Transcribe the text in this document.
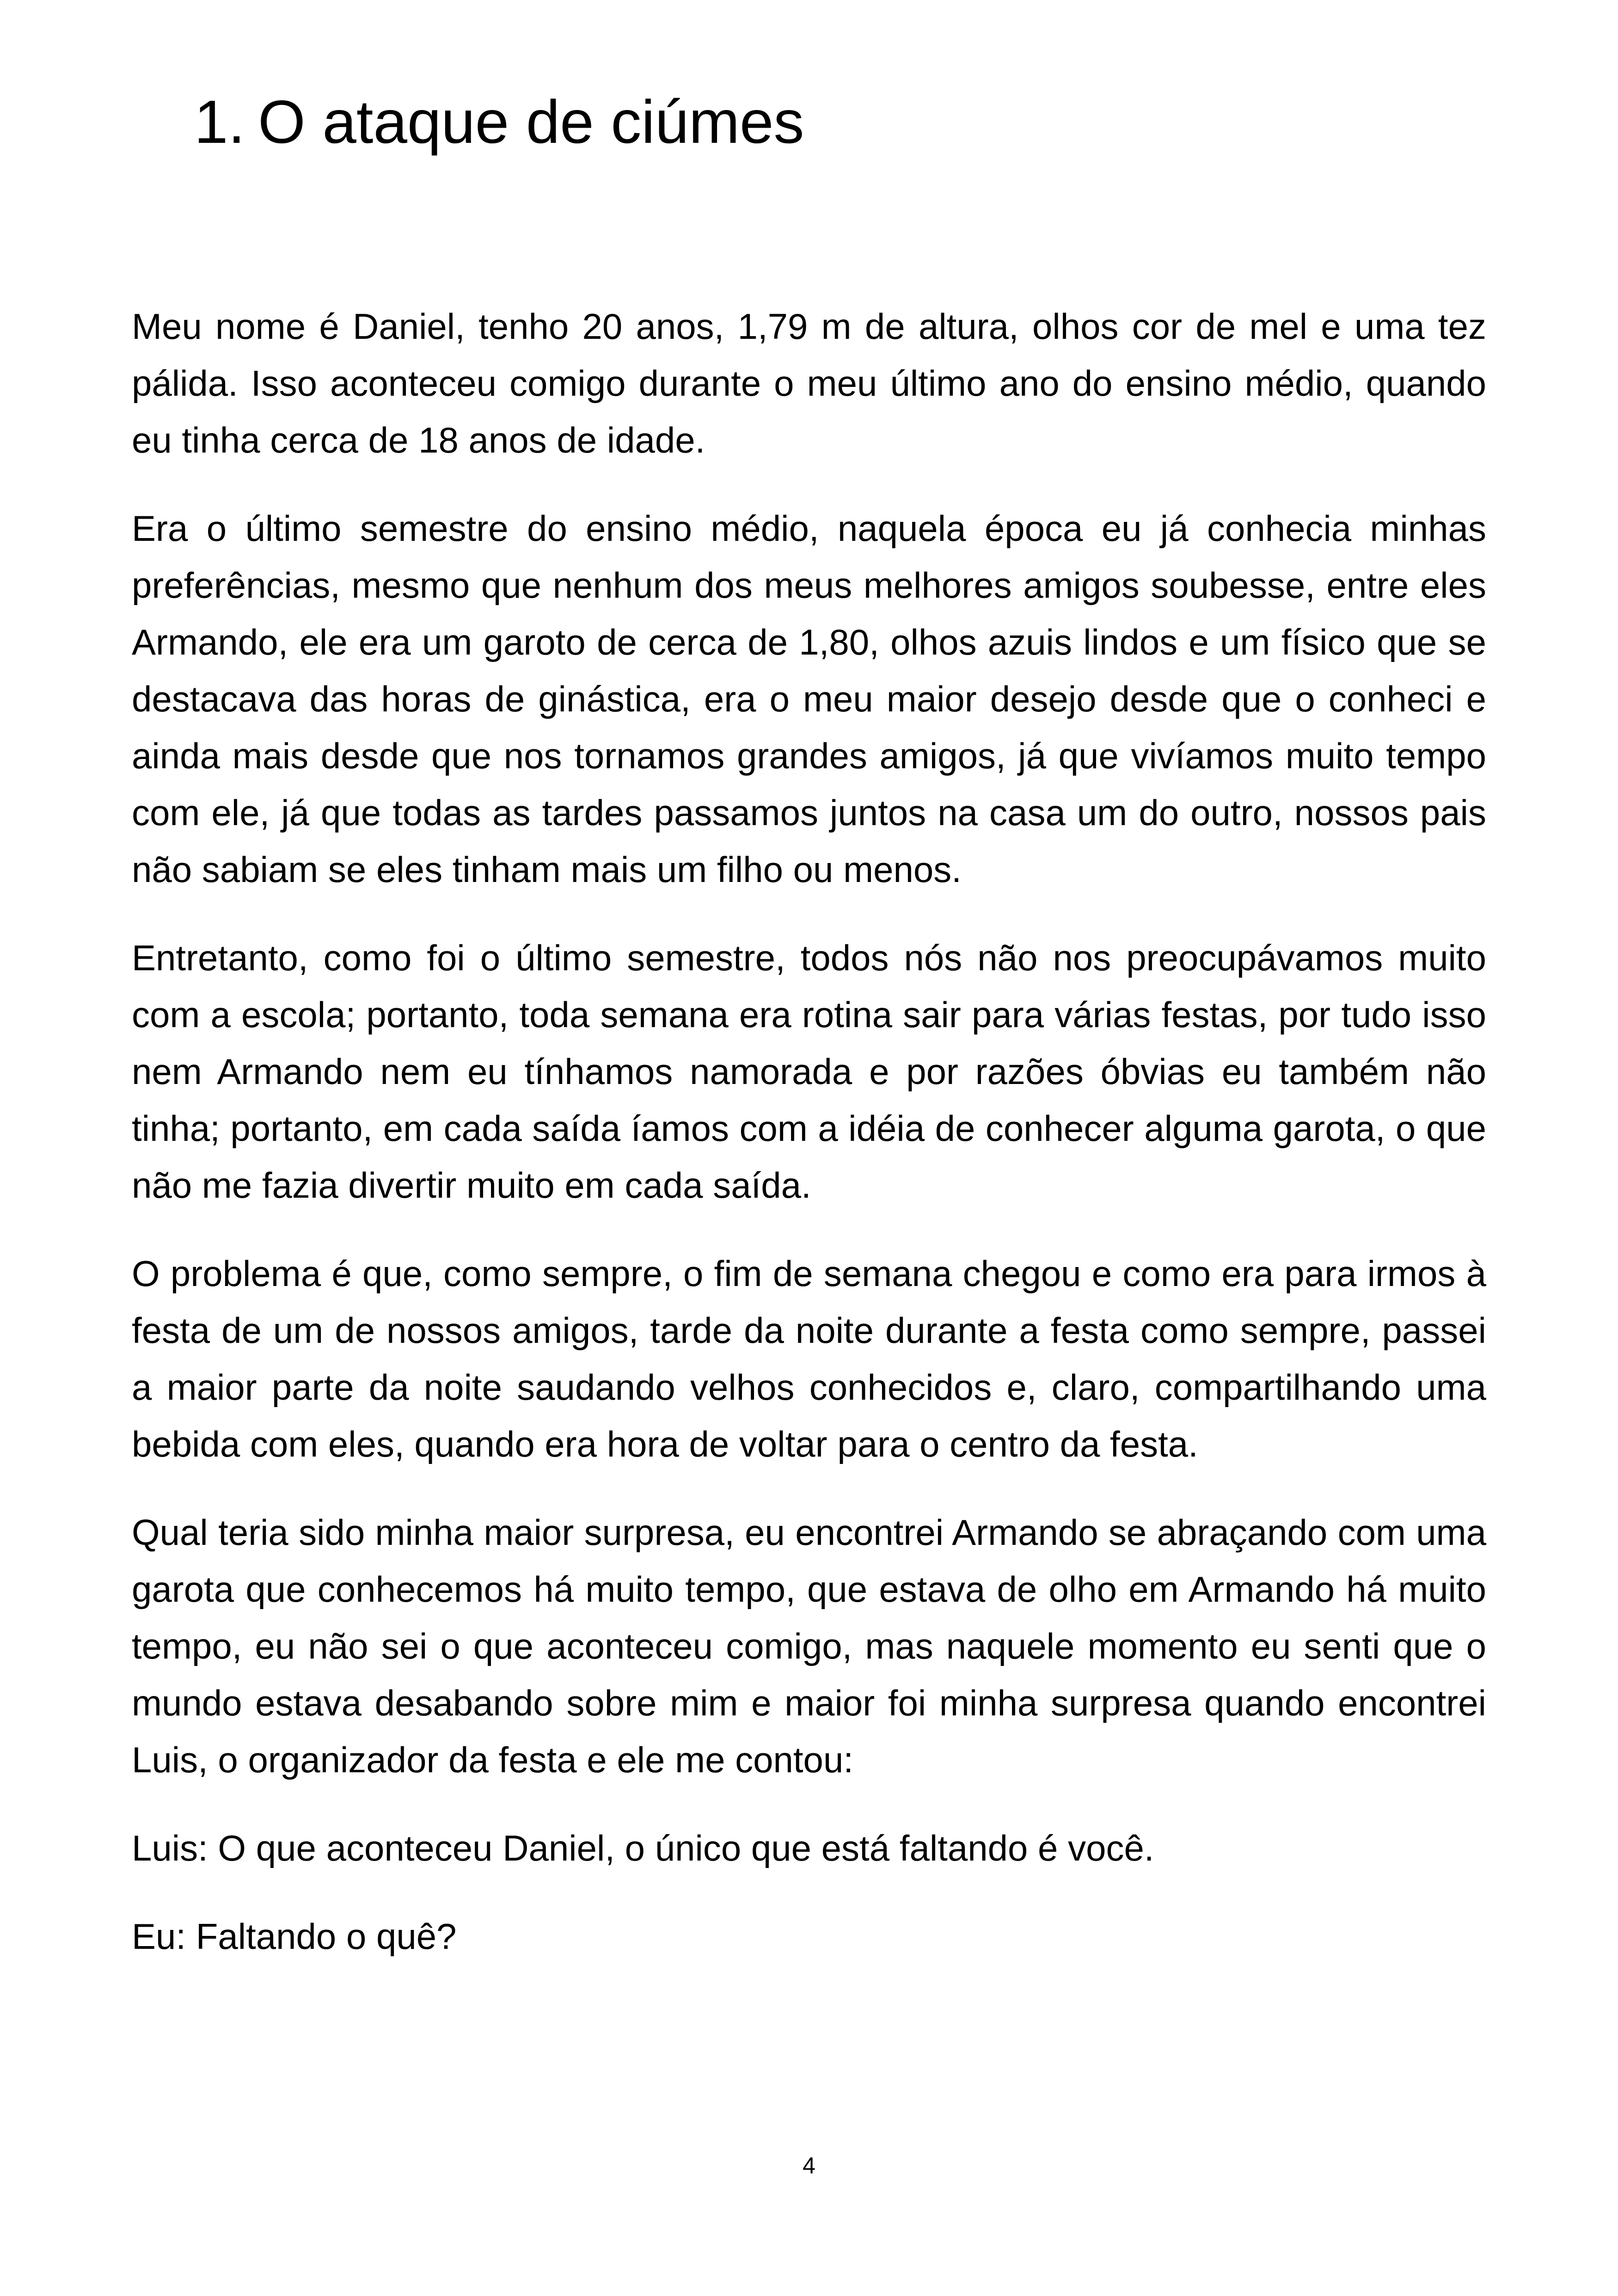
1. O ataque de ciúmes

Meu nome é Daniel, tenho 20 anos, 1,79 m de altura, olhos cor de mel e uma tez pálida. Isso aconteceu comigo durante o meu último ano do ensino médio, quando eu tinha cerca de 18 anos de idade.

Era o último semestre do ensino médio, naquela época eu já conhecia minhas preferências, mesmo que nenhum dos meus melhores amigos soubesse, entre eles Armando, ele era um garoto de cerca de 1,80, olhos azuis lindos e um físico que se destacava das horas de ginástica, era o meu maior desejo desde que o conheci e ainda mais desde que nos tornamos grandes amigos, já que vivíamos muito tempo com ele, já que todas as tardes passamos juntos na casa um do outro, nossos pais não sabiam se eles tinham mais um filho ou menos.

Entretanto, como foi o último semestre, todos nós não nos preocupávamos muito com a escola; portanto, toda semana era rotina sair para várias festas, por tudo isso nem Armando nem eu tínhamos namorada e por razões óbvias eu também não tinha; portanto, em cada saída íamos com a idéia de conhecer alguma garota, o que não me fazia divertir muito em cada saída.

O problema é que, como sempre, o fim de semana chegou e como era para irmos à festa de um de nossos amigos, tarde da noite durante a festa como sempre, passei a maior parte da noite saudando velhos conhecidos e, claro, compartilhando uma bebida com eles, quando era hora de voltar para o centro da festa.

Qual teria sido minha maior surpresa, eu encontrei Armando se abraçando com uma garota que conhecemos há muito tempo, que estava de olho em Armando há muito tempo, eu não sei o que aconteceu comigo, mas naquele momento eu senti que o mundo estava desabando sobre mim e maior foi minha surpresa quando encontrei Luis, o organizador da festa e ele me contou:

Luis: O que aconteceu Daniel, o único que está faltando é você.

Eu: Faltando o quê?

4
